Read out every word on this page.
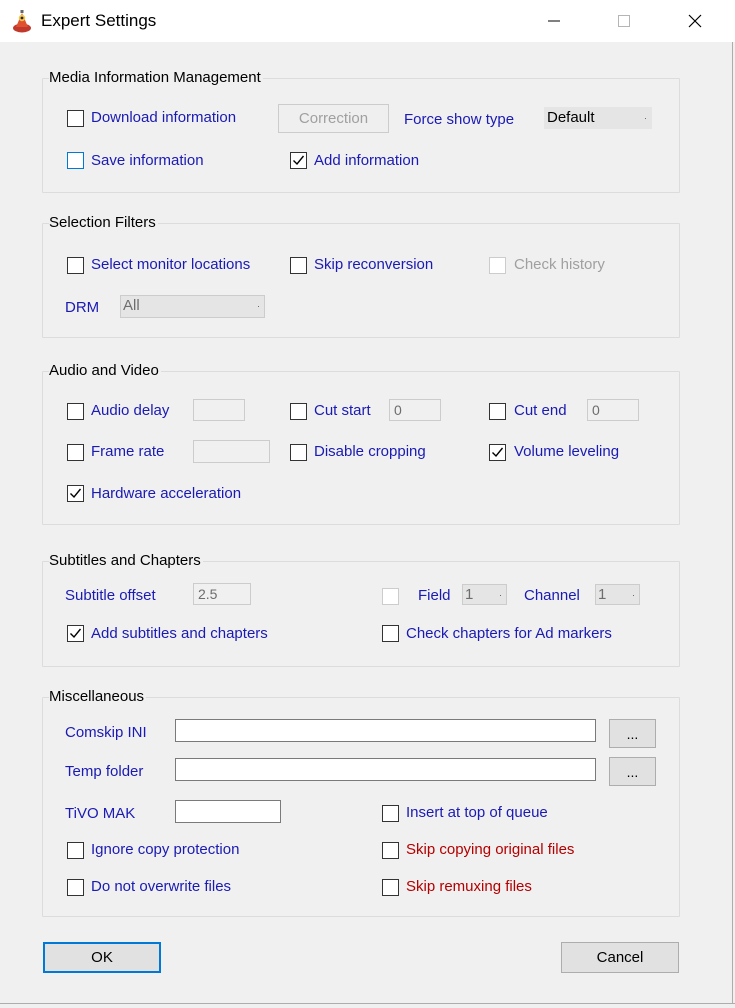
Expert Settings
Media Information Management
Download information	Correction	Force show type Default	·
Save information	Add information
Selection Filters
Select monitor locations	Skip reconversion	Check history
DRM All	·
Audio and Video
Audio delay	Cut start	0	Cut end	0
Frame rate	Disable cropping	Volume leveling
Hardware acceleration
Subtitles and Chapters
Subtitle offset	2.5	Field 1	· Channel 1	·
Add subtitles and chapters	Check chapters for Ad markers
Miscellaneous
Comskip INI	...
Temp folder	...
TiVO MAK	Insert at top of queue
Ignore copy protection	Skip copying original files
Do not overwrite files	Skip remuxing files
OK	Cancel
